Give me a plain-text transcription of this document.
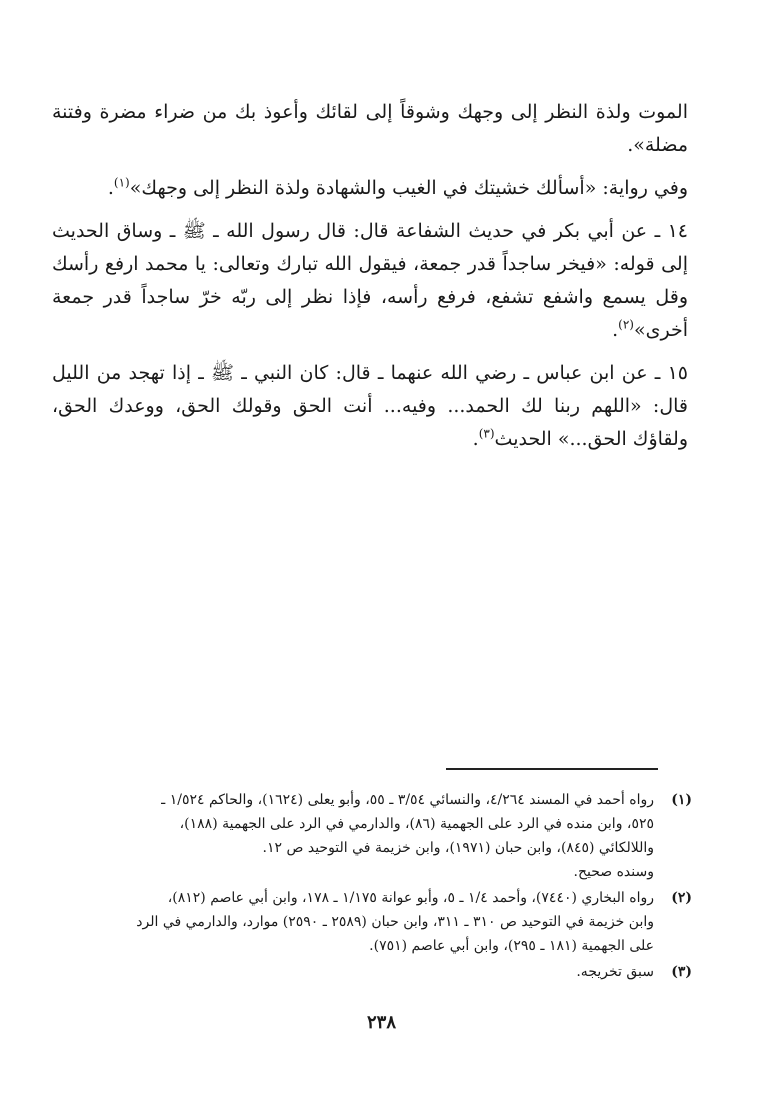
الموت ولذة النظر إلى وجهك وشوقاً إلى لقائك وأعوذ بك من ضراء مضرة وفتنة مضلة».

وفي رواية: «أسألك خشيتك في الغيب والشهادة ولذة النظر إلى وجهك»$^{(١)}$.

١٤ ـ عن أبي بكر في حديث الشفاعة قال: قال رسول الله ـ ﷺ ـ وساق الحديث إلى قوله: «فيخر ساجداً قدر جمعة، فيقول الله تبارك وتعالى: يا محمد ارفع رأسك وقل يسمع واشفع تشفع، فرفع رأسه، فإذا نظر إلى ربّه خرّ ساجداً قدر جمعة أخرى»$^{(٢)}$.

١٥ ـ عن ابن عباس ـ رضي الله عنهما ـ قال: كان النبي ـ ﷺ ـ إذا تهجد من الليل قال: «اللهم ربنا لك الحمد... وفيه... أنت الحق وقولك الحق، ووعدك الحق، ولقاؤك الحق...» الحديث$^{(٣)}$.

(١)
رواه أحمد في المسند ٤/٢٦٤، والنسائي ٣/٥٤ ـ ٥٥، وأبو يعلى (١٦٢٤)، والحاكم ١/٥٢٤ ـ
٥٢٥، وابن منده في الرد على الجهمية (٨٦)، والدارمي في الرد على الجهمية (١٨٨)،
واللالكائي (٨٤٥)، وابن حبان (١٩٧١)، وابن خزيمة في التوحيد ص ١٢.
وسنده صحيح.
(٢)
رواه البخاري (٧٤٤٠)، وأحمد ١/٤ ـ ٥، وأبو عوانة ١/١٧٥ ـ ١٧٨، وابن أبي عاصم (٨١٢)،
وابن خزيمة في التوحيد ص ٣١٠ ـ ٣١١، وابن حبان (٢٥٨٩ ـ ٢٥٩٠) موارد، والدارمي في الرد
على الجهمية (١٨١ ـ ٢٩٥)، وابن أبي عاصم (٧٥١).
(٣)
سبق تخريجه.
٢٣٨
